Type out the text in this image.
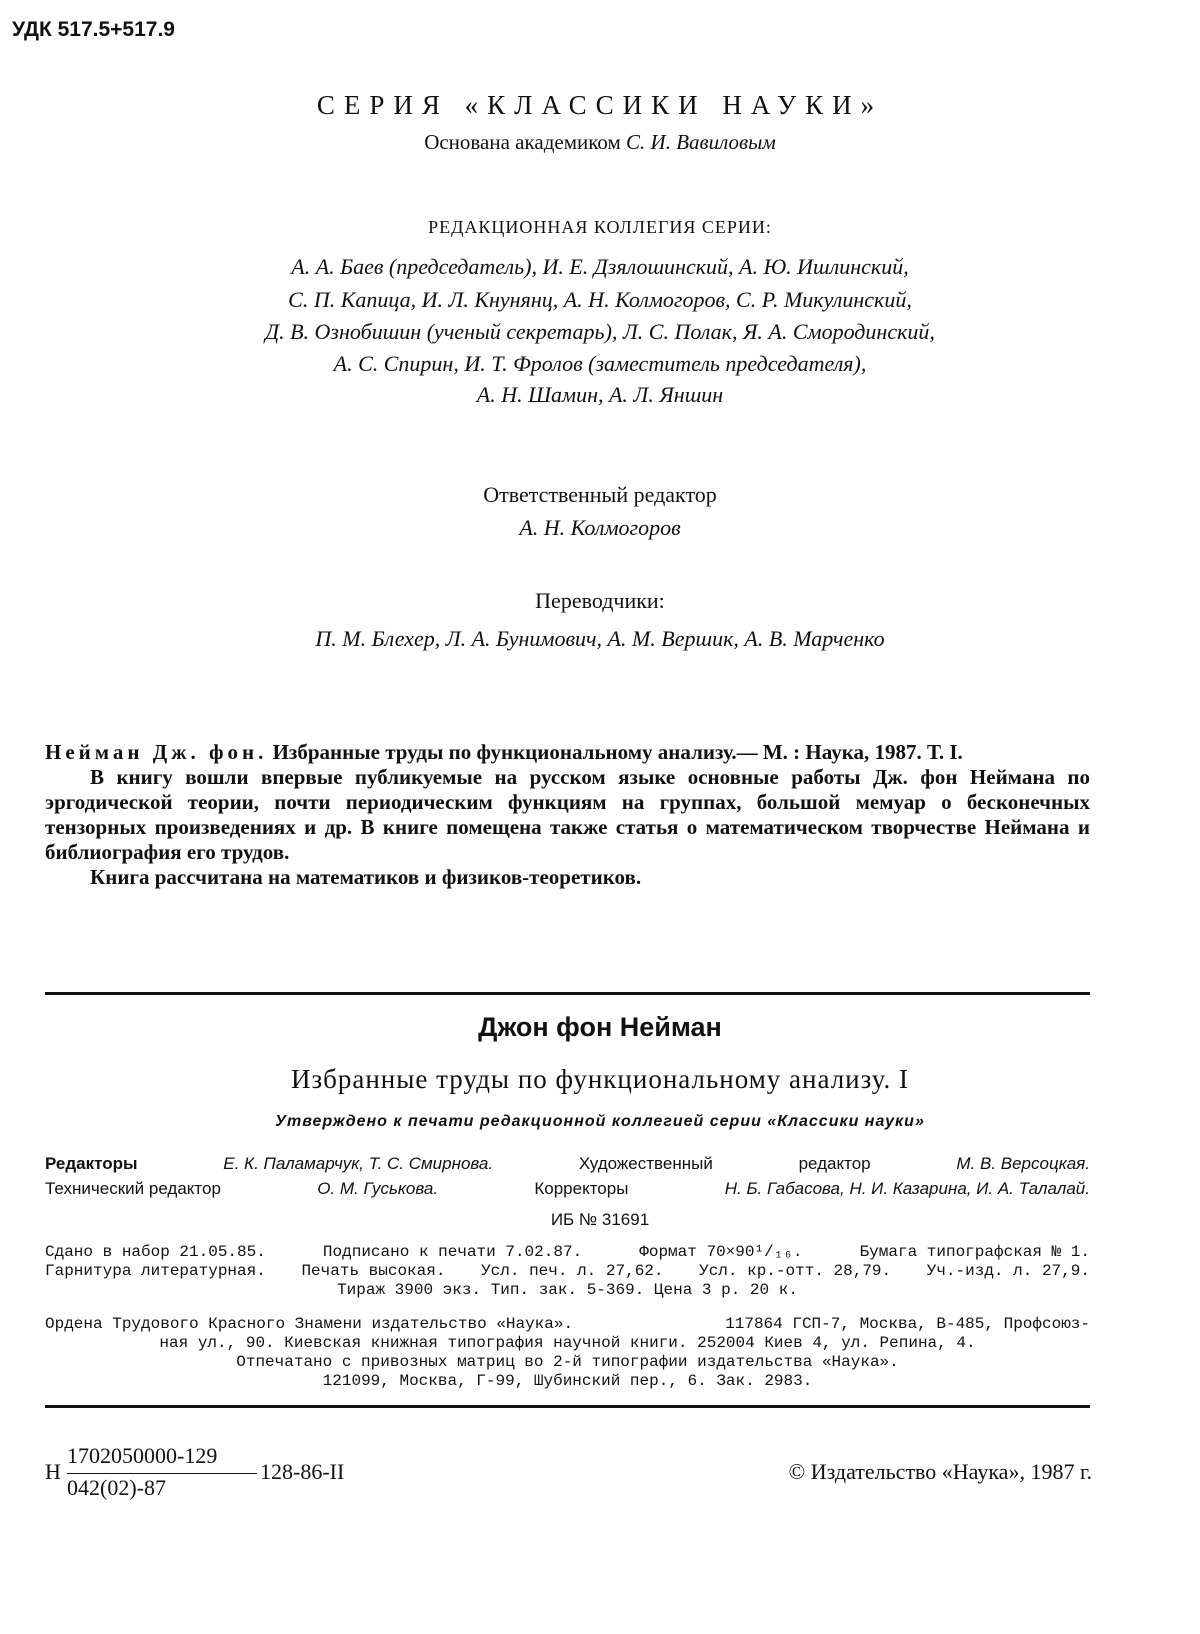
УДК 517.5+517.9
СЕРИЯ «КЛАССИКИ НАУКИ»
Основана академиком С. И. Вавиловым
РЕДАКЦИОННАЯ КОЛЛЕГИЯ СЕРИИ:
А. А. Баев (председатель), И. Е. Дзялошинский, А. Ю. Ишлинский,
С. П. Капица, И. Л. Кнунянц, А. Н. Колмогоров, С. Р. Микулинский,
Д. В. Ознобишин (ученый секретарь), Л. С. Полак, Я. А. Смородинский,
А. С. Спирин, И. Т. Фролов (заместитель председателя),
А. Н. Шамин, А. Л. Яншин
Ответственный редактор
А. Н. Колмогоров
Переводчики:
П. М. Блехер, Л. А. Бунимович, А. М. Вершик, А. В. Марченко

Нейман Дж. фон. Избранные труды по функциональному анализу.— М. : Наука, 1987. Т. I.

В книгу вошли впервые публикуемые на русском языке основные работы Дж. фон Неймана по эргодической теории, почти периодическим функциям на группах, большой мемуар о бесконечных тензорных произведениях и др. В книге помещена также статья о математическом творчестве Неймана и библиография его трудов.

Книга рассчитана на математиков и физиков-теоретиков.

Джон фон Нейман
Избранные труды по функциональному анализу. I
Утверждено к печати редакционной коллегией серии «Классики науки»
Редакторы	Е. К. Паламарчук, Т. С. Смирнова.	Художественный	редактор	М. В. Версоцкая.
Технический редактор	О. М. Гуськова.	Корректоры	Н. Б. Габасова, Н. И. Казарина, И. А. Талалай.
ИБ № 31691
Сдано в набор 21.05.85.	Подписано к печати 7.02.87.	Формат 70×90¹/₁₆.	Бумага типографская № 1.
Гарнитура литературная. Печать высокая. Усл. печ. л. 27,62. Усл. кр.-отт. 28,79. Уч.-изд. л. 27,9.
Тираж 3900 экз. Тип. зак. 5-369. Цена 3 р. 20 к.
Ордена Трудового Красного Знамени издательство «Наука».	117864 ГСП-7, Москва, В-485, Профсоюз-
ная ул., 90. Киевская книжная типография научной книги. 252004 Киев 4, ул. Репина, 4.
Отпечатано с привозных матриц во 2-й типографии издательства «Наука».
121099, Москва, Г-99, Шубинский пер., 6. Зак. 2983.
Н
1702050000-129
042(02)-87
128-86-II	© Издательство «Наука», 1987 г.
